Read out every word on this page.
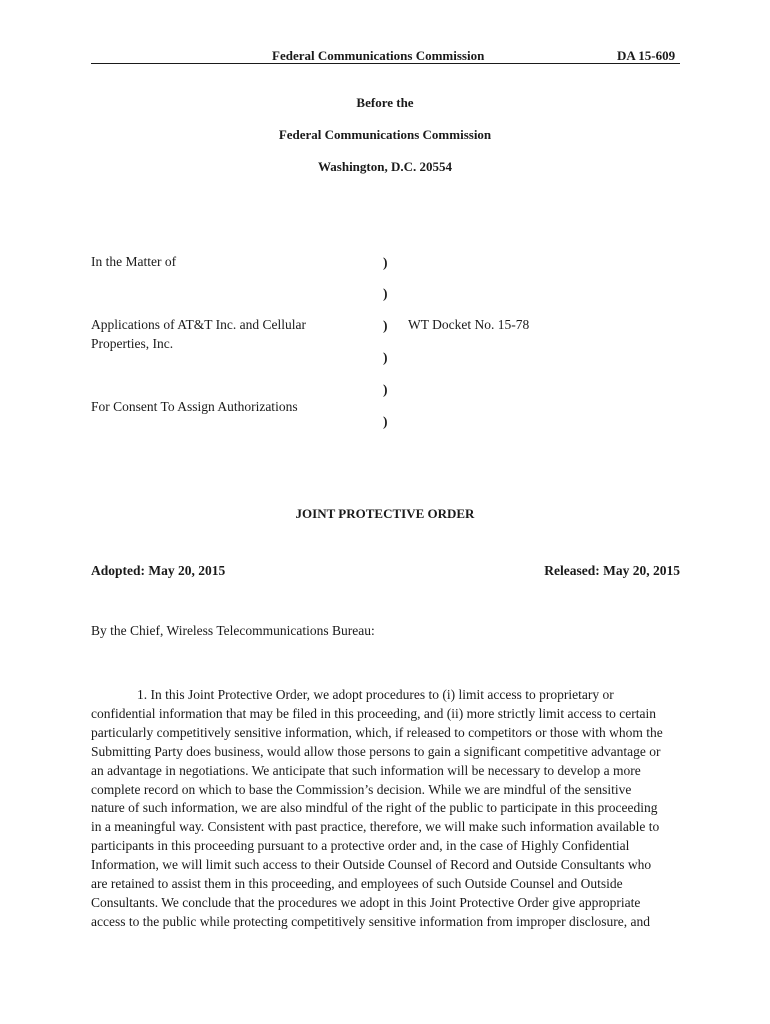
Federal Communications Commission	DA 15-609
Before the
Federal Communications Commission
Washington, D.C. 20554
In the Matter of
Applications of AT&T Inc. and Cellular
Properties, Inc.
For Consent To Assign Authorizations
)
)
)
)
)
)
WT Docket No. 15-78
JOINT PROTECTIVE ORDER
Adopted: May 20, 2015	Released: May 20, 2015
By the Chief, Wireless Telecommunications Bureau:
1. In this Joint Protective Order, we adopt procedures to (i) limit access to proprietary or
confidential information that may be filed in this proceeding, and (ii) more strictly limit access to certain
particularly competitively sensitive information, which, if released to competitors or those with whom the
Submitting Party does business, would allow those persons to gain a significant competitive advantage or
an advantage in negotiations. We anticipate that such information will be necessary to develop a more
complete record on which to base the Commission’s decision. While we are mindful of the sensitive
nature of such information, we are also mindful of the right of the public to participate in this proceeding
in a meaningful way. Consistent with past practice, therefore, we will make such information available to
participants in this proceeding pursuant to a protective order and, in the case of Highly Confidential
Information, we will limit such access to their Outside Counsel of Record and Outside Consultants who
are retained to assist them in this proceeding, and employees of such Outside Counsel and Outside
Consultants. We conclude that the procedures we adopt in this Joint Protective Order give appropriate
access to the public while protecting competitively sensitive information from improper disclosure, and
